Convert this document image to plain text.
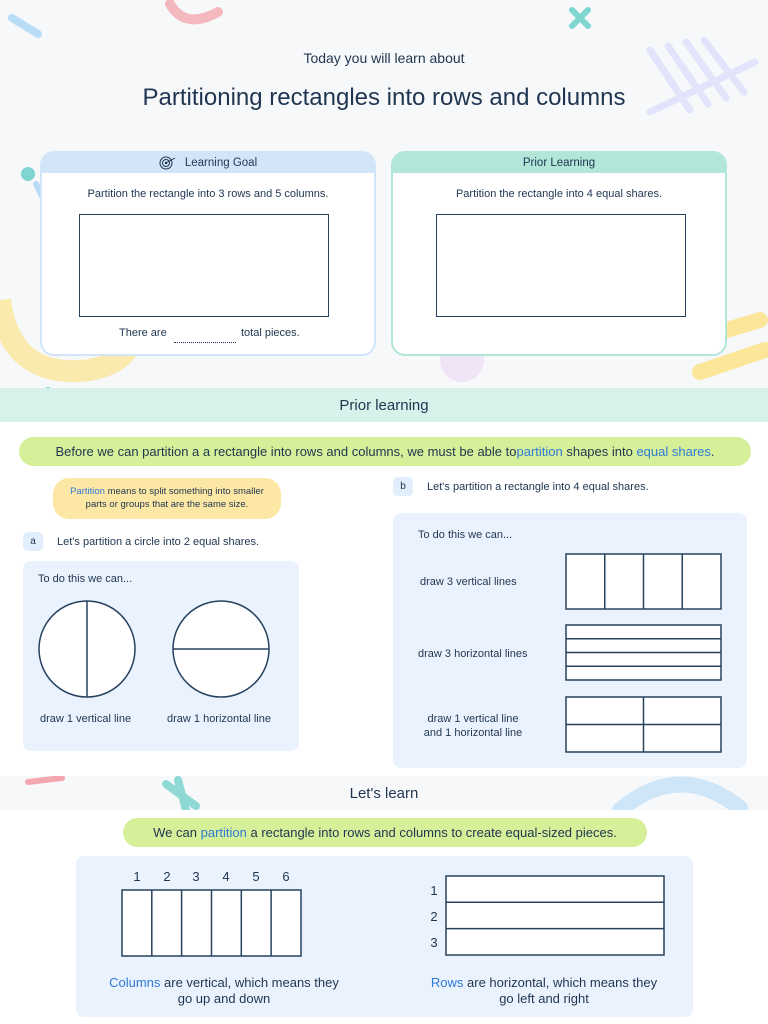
Today you will learn about
Partitioning rectangles into rows and columns
Learning Goal
Partition the rectangle into 3 rows and 5 columns.
There are	total pieces.
Prior Learning
Partition the rectangle into 4 equal shares.
Prior learning
Before we can partition a a rectangle into rows and columns, we must be able to partition shapes into equal shares .
Partition means to split something into smaller parts or groups that are the same size.
a	Let's partition a circle into 2 equal shares.
To do this we can...
draw 1 vertical line	draw 1 horizontal line
b	Let's partition a rectangle into 4 equal shares.
To do this we can...
draw 3 vertical lines
draw 3 horizontal lines
draw 1 vertical line
and 1 horizontal line
Let's learn
We can partition a rectangle into rows and columns to create equal-sized pieces.
1	2	3	4	5	6
Columns are vertical, which means they
go up and down
1
2
3
Rows are horizontal, which means they
go left and right
